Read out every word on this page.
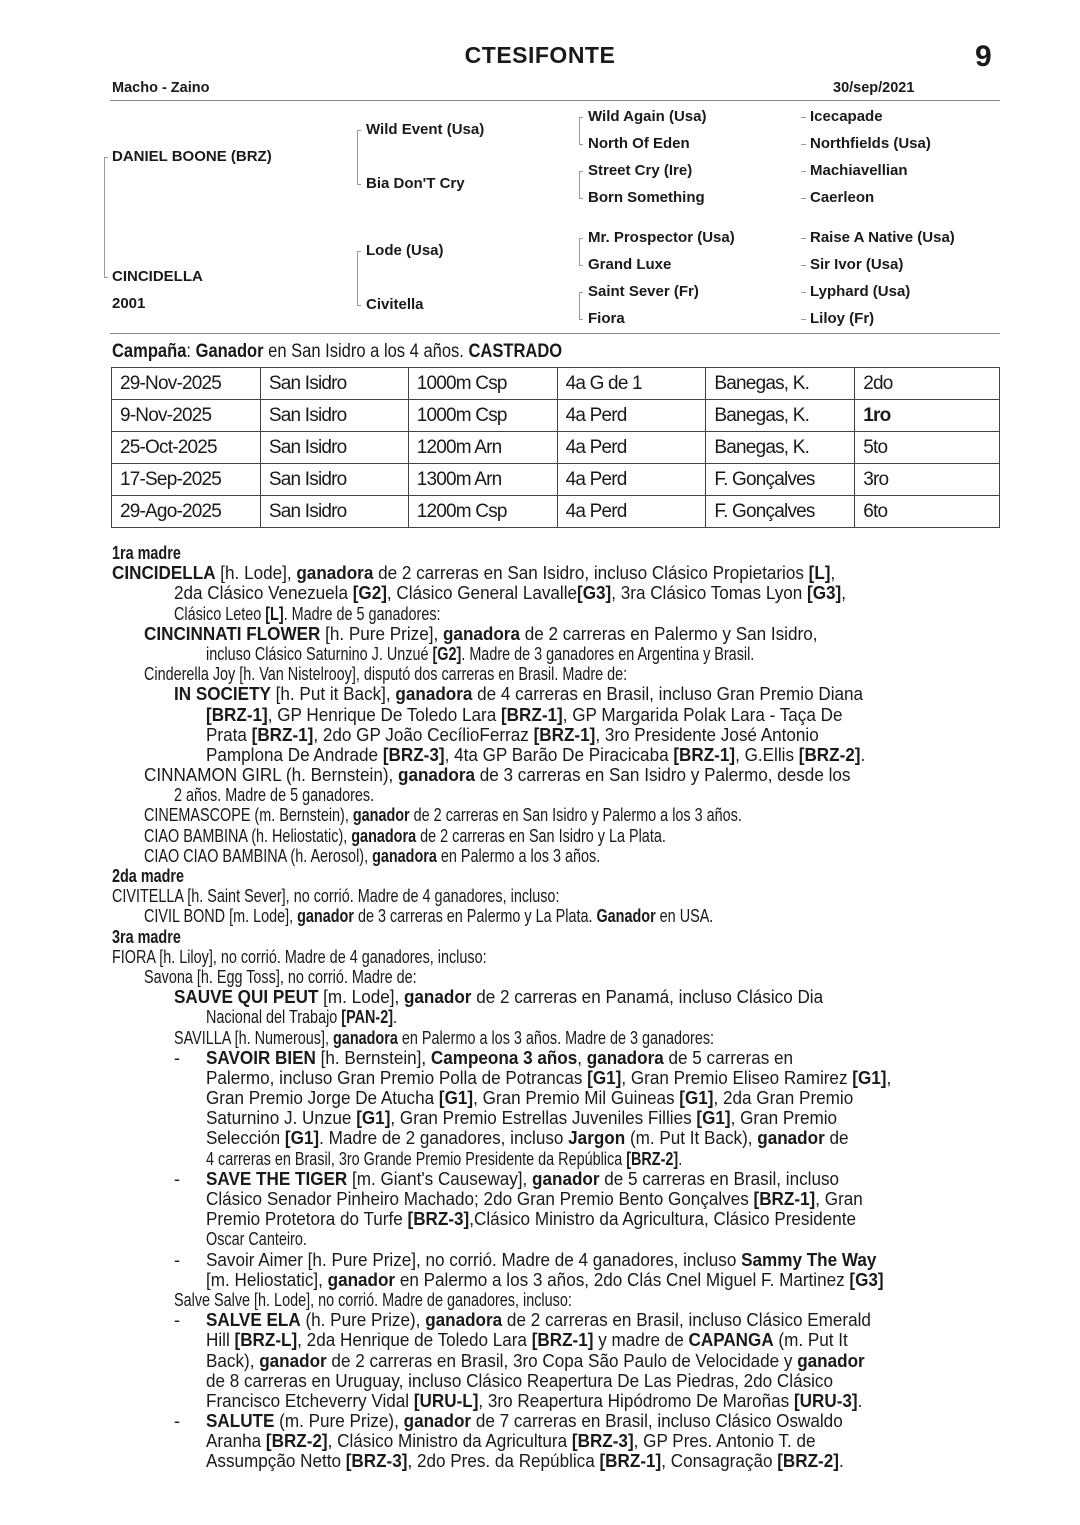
CTESIFONTE	9
Macho - Zaino	30/sep/2021
DANIEL BOONE (BRZ)
CINCIDELLA
2001
Wild Event (Usa)
Bia Don'T Cry
Lode (Usa)
Civitella
Wild Again (Usa)
North Of Eden
Street Cry (Ire)
Born Something
Mr. Prospector (Usa)
Grand Luxe
Saint Sever (Fr)
Fiora
Icecapade
Northfields (Usa)
Machiavellian
Caerleon
Raise A Native (Usa)
Sir Ivor (Usa)
Lyphard (Usa)
Liloy (Fr)
Campaña: Ganador en San Isidro a los 4 años. CASTRADO
29-Nov-2025	San Isidro	1000m Csp	4a G de 1	Banegas, K.	2do
9-Nov-2025	San Isidro	1000m Csp	4a Perd	Banegas, K.	1ro
25-Oct-2025	San Isidro	1200m Arn	4a Perd	Banegas, K.	5to
17-Sep-2025	San Isidro	1300m Arn	4a Perd	F. Gonçalves	3ro
29-Ago-2025	San Isidro	1200m Csp	4a Perd	F. Gonçalves	6to
1ra madre
CINCIDELLA [h. Lode], ganadora de 2 carreras en San Isidro, incluso Clásico Propietarios [L],
2da Clásico Venezuela [G2], Clásico General Lavalle[G3], 3ra Clásico Tomas Lyon [G3],
Clásico Leteo [L]. Madre de 5 ganadores:
CINCINNATI FLOWER [h. Pure Prize], ganadora de 2 carreras en Palermo y San Isidro,
incluso Clásico Saturnino J. Unzué [G2]. Madre de 3 ganadores en Argentina y Brasil.
Cinderella Joy [h. Van Nistelrooy], disputó dos carreras en Brasil. Madre de:
IN SOCIETY [h. Put it Back], ganadora de 4 carreras en Brasil, incluso Gran Premio Diana
[BRZ-1], GP Henrique De Toledo Lara [BRZ-1], GP Margarida Polak Lara - Taça De
Prata [BRZ-1], 2do GP João CecílioFerraz [BRZ-1], 3ro Presidente José Antonio
Pamplona De Andrade [BRZ-3], 4ta GP Barão De Piracicaba [BRZ-1], G.Ellis [BRZ-2].
CINNAMON GIRL (h. Bernstein), ganadora de 3 carreras en San Isidro y Palermo, desde los
2 años. Madre de 5 ganadores.
CINEMASCOPE (m. Bernstein), ganador de 2 carreras en San Isidro y Palermo a los 3 años.
CIAO BAMBINA (h. Heliostatic), ganadora de 2 carreras en San Isidro y La Plata.
CIAO CIAO BAMBINA (h. Aerosol), ganadora en Palermo a los 3 años.
2da madre
CIVITELLA [h. Saint Sever], no corrió. Madre de 4 ganadores, incluso:
CIVIL BOND [m. Lode], ganador de 3 carreras en Palermo y La Plata. Ganador en USA.
3ra madre
FIORA [h. Liloy], no corrió. Madre de 4 ganadores, incluso:
Savona [h. Egg Toss], no corrió. Madre de:
SAUVE QUI PEUT [m. Lode], ganador de 2 carreras en Panamá, incluso Clásico Dia
Nacional del Trabajo [PAN-2].
SAVILLA [h. Numerous], ganadora en Palermo a los 3 años. Madre de 3 ganadores:
- SAVOIR BIEN [h. Bernstein], Campeona 3 años, ganadora de 5 carreras en
Palermo, incluso Gran Premio Polla de Potrancas [G1], Gran Premio Eliseo Ramirez [G1],
Gran Premio Jorge De Atucha [G1], Gran Premio Mil Guineas [G1], 2da Gran Premio
Saturnino J. Unzue [G1], Gran Premio Estrellas Juveniles Fillies [G1], Gran Premio
Selección [G1]. Madre de 2 ganadores, incluso Jargon (m. Put It Back), ganador de
4 carreras en Brasil, 3ro Grande Premio Presidente da República [BRZ-2].
- SAVE THE TIGER [m. Giant's Causeway], ganador de 5 carreras en Brasil, incluso
Clásico Senador Pinheiro Machado; 2do Gran Premio Bento Gonçalves [BRZ-1], Gran
Premio Protetora do Turfe [BRZ-3],Clásico Ministro da Agricultura, Clásico Presidente
Oscar Canteiro.
- Savoir Aimer [h. Pure Prize], no corrió. Madre de 4 ganadores, incluso Sammy The Way
[m. Heliostatic], ganador en Palermo a los 3 años, 2do Clás Cnel Miguel F. Martinez [G3]
Salve Salve [h. Lode], no corrió. Madre de ganadores, incluso:
- SALVE ELA (h. Pure Prize), ganadora de 2 carreras en Brasil, incluso Clásico Emerald
Hill [BRZ-L], 2da Henrique de Toledo Lara [BRZ-1] y madre de CAPANGA (m. Put It
Back), ganador de 2 carreras en Brasil, 3ro Copa São Paulo de Velocidade y ganador
de 8 carreras en Uruguay, incluso Clásico Reapertura De Las Piedras, 2do Clásico
Francisco Etcheverry Vidal [URU-L], 3ro Reapertura Hipódromo De Maroñas [URU-3].
- SALUTE (m. Pure Prize), ganador de 7 carreras en Brasil, incluso Clásico Oswaldo
Aranha [BRZ-2], Clásico Ministro da Agricultura [BRZ-3], GP Pres. Antonio T. de
Assumpção Netto [BRZ-3], 2do Pres. da República [BRZ-1], Consagração [BRZ-2].
